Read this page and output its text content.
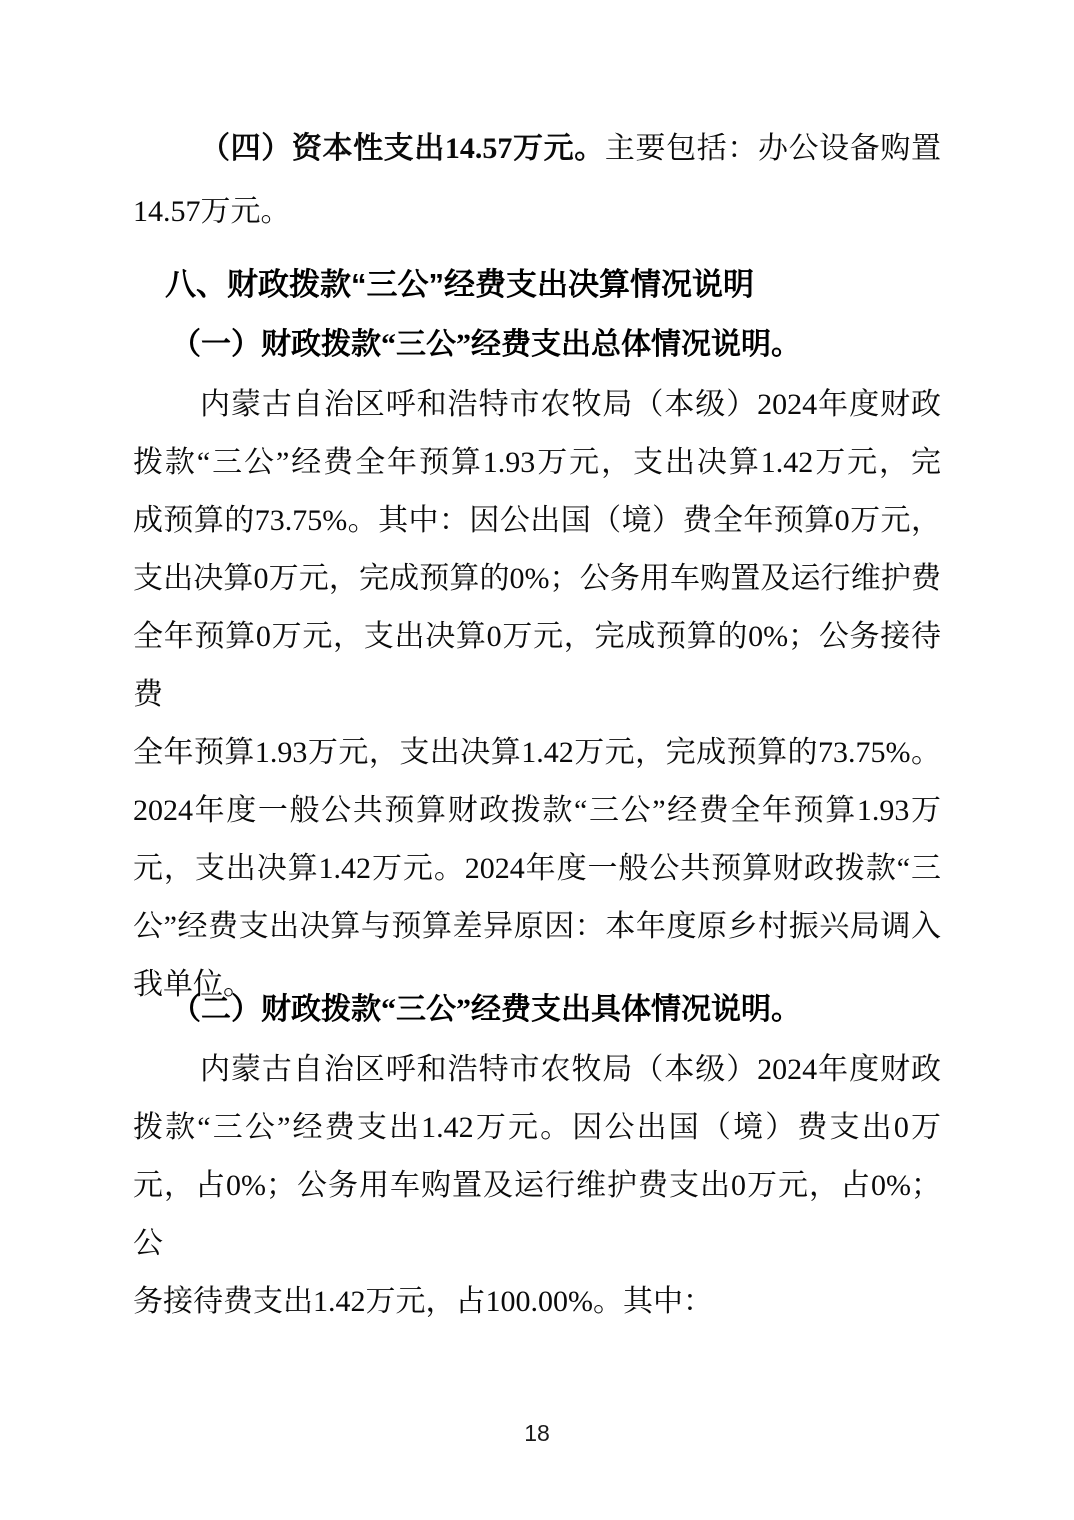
（四）资本性支出14.57万元。主要包括：办公设备购置
14.57万元。
八、财政拨款“三公”经费支出决算情况说明
（一）财政拨款“三公”经费支出总体情况说明。
内蒙古自治区呼和浩特市农牧局（本级）2024年度财政
拨款“三公”经费全年预算1.93万元，支出决算1.42万元，完
成预算的73.75%。其中：因公出国（境）费全年预算0万元，
支出决算0万元，完成预算的0%；公务用车购置及运行维护费
全年预算0万元，支出决算0万元，完成预算的0%；公务接待费
全年预算1.93万元，支出决算1.42万元，完成预算的73.75%。
2024年度一般公共预算财政拨款“三公”经费全年预算1.93万
元，支出决算1.42万元。2024年度一般公共预算财政拨款“三
公”经费支出决算与预算差异原因：本年度原乡村振兴局调入
我单位。
（二）财政拨款“三公”经费支出具体情况说明。
内蒙古自治区呼和浩特市农牧局（本级）2024年度财政
拨款“三公”经费支出1.42万元。因公出国（境）费支出0万
元，占0%；公务用车购置及运行维护费支出0万元，占0%；公
务接待费支出1.42万元，占100.00%。其中：
18
